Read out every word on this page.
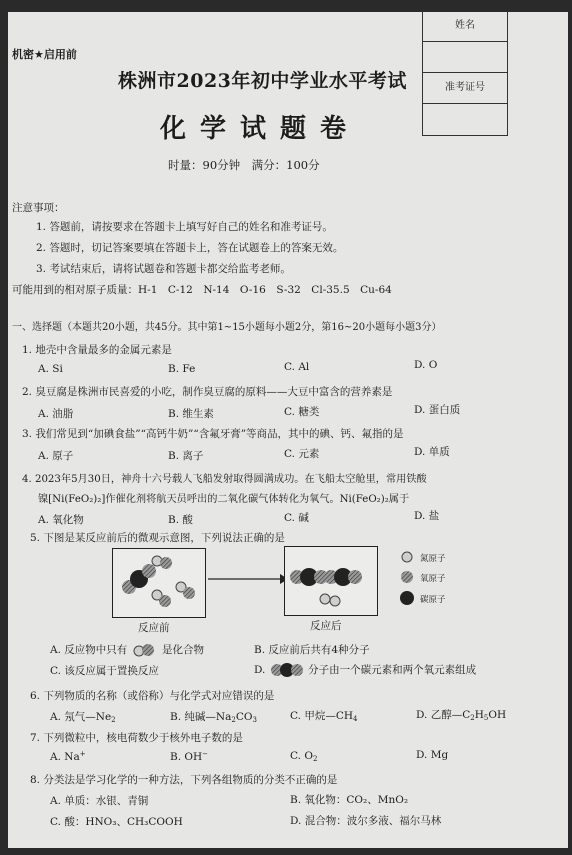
机密★启用前
姓名
准考证号
株洲市2023年初中学业水平考试
化学试题卷
时量：90分钟　满分：100分
注意事项：
1. 答题前，请按要求在答题卡上填写好自己的姓名和准考证号。
2. 答题时，切记答案要填在答题卡上，答在试题卷上的答案无效。
3. 考试结束后，请将试题卷和答题卡都交给监考老师。
可能用到的相对原子质量：H-1　C-12　N-14　O-16　S-32　Cl-35.5　Cu-64
一、选择题（本题共20小题，共45分。其中第1~15小题每小题2分，第16~20小题每小题3分）
1. 地壳中含量最多的金属元素是
A. Si	B. Fe	C. Al	D. O
2. 臭豆腐是株洲市民喜爱的小吃，制作臭豆腐的原料——大豆中富含的营养素是
A. 油脂	B. 维生素	C. 糖类	D. 蛋白质
3. 我们常见到“加碘食盐”“高钙牛奶”“含氟牙膏”等商品，其中的碘、钙、氟指的是
A. 原子	B. 离子	C. 元素	D. 单质
4. 2023年5月30日，神舟十六号载人飞船发射取得圆满成功。在飞船太空舱里，常用铁酸
镍[Ni(FeO₂)₂]作催化剂将航天员呼出的二氧化碳气体转化为氧气。Ni(FeO₂)₂属于
A. 氧化物	B. 酸	C. 碱	D. 盐
5. 下图是某反应前后的微观示意图，下列说法正确的是
反应前	反应后
氮原子
氧原子
碳原子
A. 反应物中只有	是化合物	B. 反应前后共有4种分子
C. 该反应属于置换反应	D.	分子由一个碳元素和两个氧元素组成
6. 下列物质的名称（或俗称）与化学式对应错误的是
A. 氖气$—Ne_2$	B. 纯碱$—Na_2CO_3$	C. 甲烷$—CH_4$	D. 乙醇$—C_2H_5OH$
7. 下列微粒中，核电荷数少于核外电子数的是
A. Na+	B. OH−	C. $O_2$	D. Mg
8. 分类法是学习化学的一种方法，下列各组物质的分类不正确的是
A. 单质：水银、青铜	B. 氧化物：CO₂、MnO₂
C. 酸：HNO₃、CH₃COOH	D. 混合物：波尔多液、福尔马林
